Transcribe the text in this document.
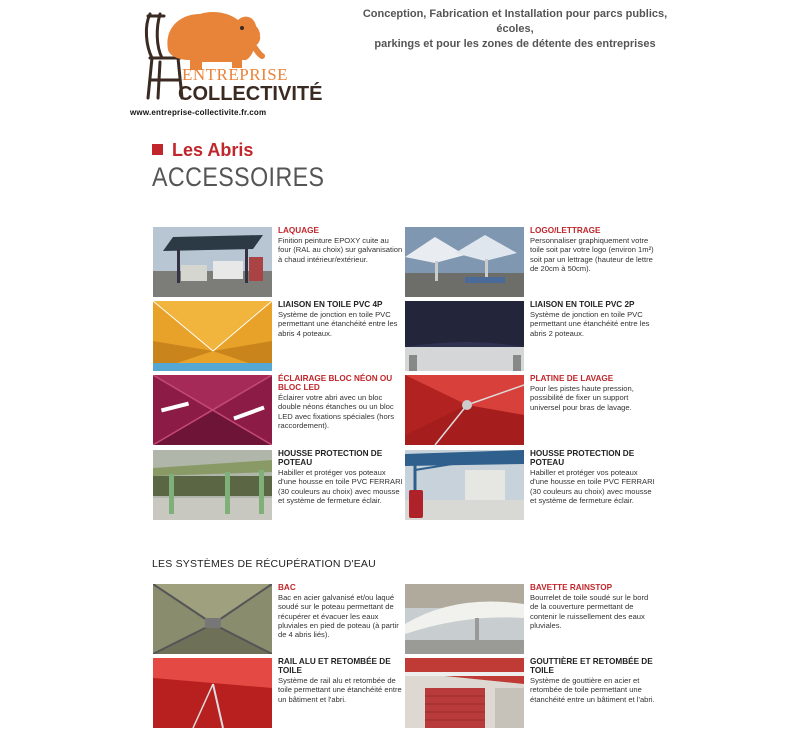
ENTREPRISE
COLLECTIVITÉ
Conception, Fabrication et Installation pour parcs publics, écoles,
parkings et pour les zones de détente des entreprises
www.entreprise-collectivite.fr.com
Les Abris
ACCESSOIRES
LAQUAGE
Finition peinture EPOXY cuite au four (RAL au choix) sur galvanisation à chaud intérieur/extérieur.
LOGO/LETTRAGE
Personnaliser graphiquement votre toile soit par votre logo (environ 1m²) soit par un lettrage (hauteur de lettre de 20cm à 50cm).
LIAISON EN TOILE PVC 4P
Système de jonction en toile PVC permettant une étanchéité entre les abris 4 poteaux.
LIAISON EN TOILE PVC 2P
Système de jonction en toile PVC permettant une étanchéité entre les abris 2 poteaux.
ÉCLAIRAGE BLOC NÉON OU BLOC LED
Éclairer votre abri avec un bloc double néons étanches ou un bloc LED avec fixations spéciales (hors raccordement).
PLATINE DE LAVAGE
Pour les pistes haute pression, possibilité de fixer un support universel pour bras de lavage.
HOUSSE PROTECTION DE POTEAU
Habiller et protéger vos poteaux d'une housse en toile PVC FERRARI (30 couleurs au choix) avec mousse et système de fermeture éclair.
HOUSSE PROTECTION DE POTEAU
Habiller et protéger vos poteaux d'une housse en toile PVC FERRARI (30 couleurs au choix) avec mousse et système de fermeture éclair.
LES SYSTÈMES DE RÉCUPÉRATION D'EAU
BAC
Bac en acier galvanisé et/ou laqué soudé sur le poteau permettant de récupérer et évacuer les eaux pluviales en pied de poteau (à partir de 4 abris liés).
BAVETTE RAINSTOP
Bourrelet de toile soudé sur le bord de la couverture permettant de contenir le ruissellement des eaux pluviales.
RAIL ALU ET RETOMBÉE DE TOILE
Système de rail alu et retombée de toile permettant une étanchéité entre un bâtiment et l'abri.
GOUTTIÈRE ET RETOMBÉE DE TOILE
Système de gouttière en acier et retombée de toile permettant une étanchéité entre un bâtiment et l'abri.
